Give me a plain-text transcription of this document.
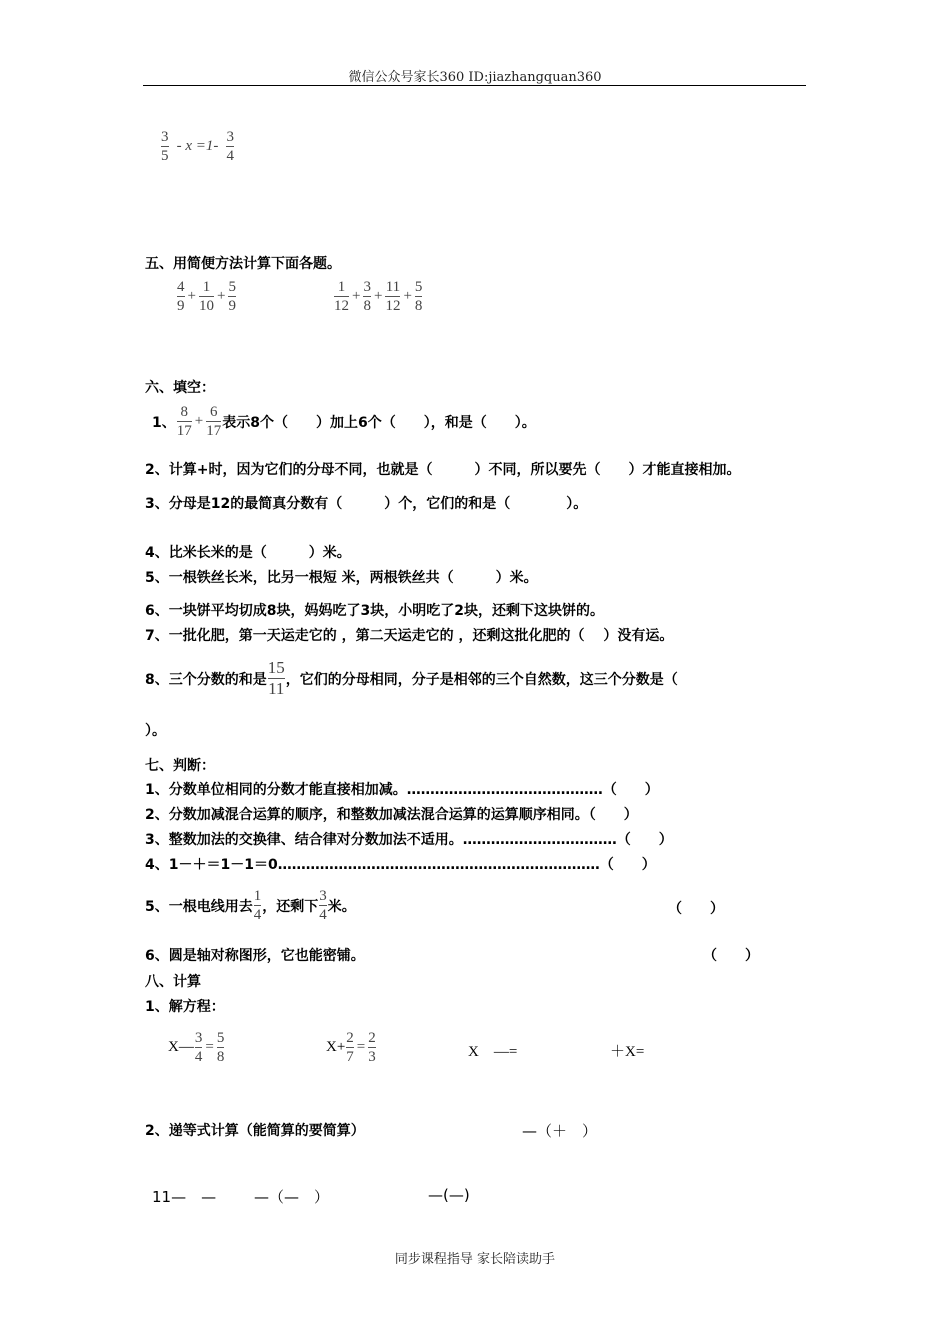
微信公众号家长360 ID:jiazhangquan360
$\frac{3}{5} - x =1- \frac{3}{4}$
五、用简便方法计算下面各题。
$\frac{4}{9} + \frac{1}{10} + \frac{5}{9}$	$\frac{1}{12} + \frac{3}{8} + \frac{11}{12} + \frac{5}{8}$
六、填空：
1、 $\frac{8}{17} + \frac{6}{17}$ 表示8个（　　）加上6个（　　），和是（　　）。
2、计算+时，因为它们的分母不同，也就是（　　　）不同，所以要先（　　）才能直接相加。
3、分母是12的最简真分数有（　　　）个，它们的和是（　　　　）。
4、比米长米的是（　　　）米。
5、一根铁丝长米，比另一根短 米，两根铁丝共（　　　）米。
6、一块饼平均切成8块，妈妈吃了3块，小明吃了2块，还剩下这块饼的。
7、一批化肥，第一天运走它的 ，第二天运走它的 ，还剩这批化肥的（　 ）没有运。
8、三个分数的和是 $\frac{15}{11}$ ，它们的分母相同，分子是相邻的三个自然数，这三个分数是（
）。
七、判断：
1、分数单位相同的分数才能直接相加减。……………………………………（　　）
2、分数加减混合运算的顺序，和整数加减法混合运算的运算顺序相同。（　　）
3、整数加法的交换律、结合律对分数加法不适用。……………………………（　　）
4、1－＋＝1－1＝0……………………………………………………………（　　）
5、一根电线用去 $\frac{1}{4}$ ，还剩下 $\frac{3}{4}$ 米。	（　　）
6、圆是轴对称图形，它也能密铺。	（　　）
八、计算
1、解方程：
X— $\frac{3}{4} = \frac{5}{8}$	$X+ \frac{2}{7} = \frac{2}{3}$	X　—=	＋X=
2、递等式计算（能简算的要简算）	—（＋　）
11—　—	—（—　）	—(—)
同步课程指导 家长陪读助手
